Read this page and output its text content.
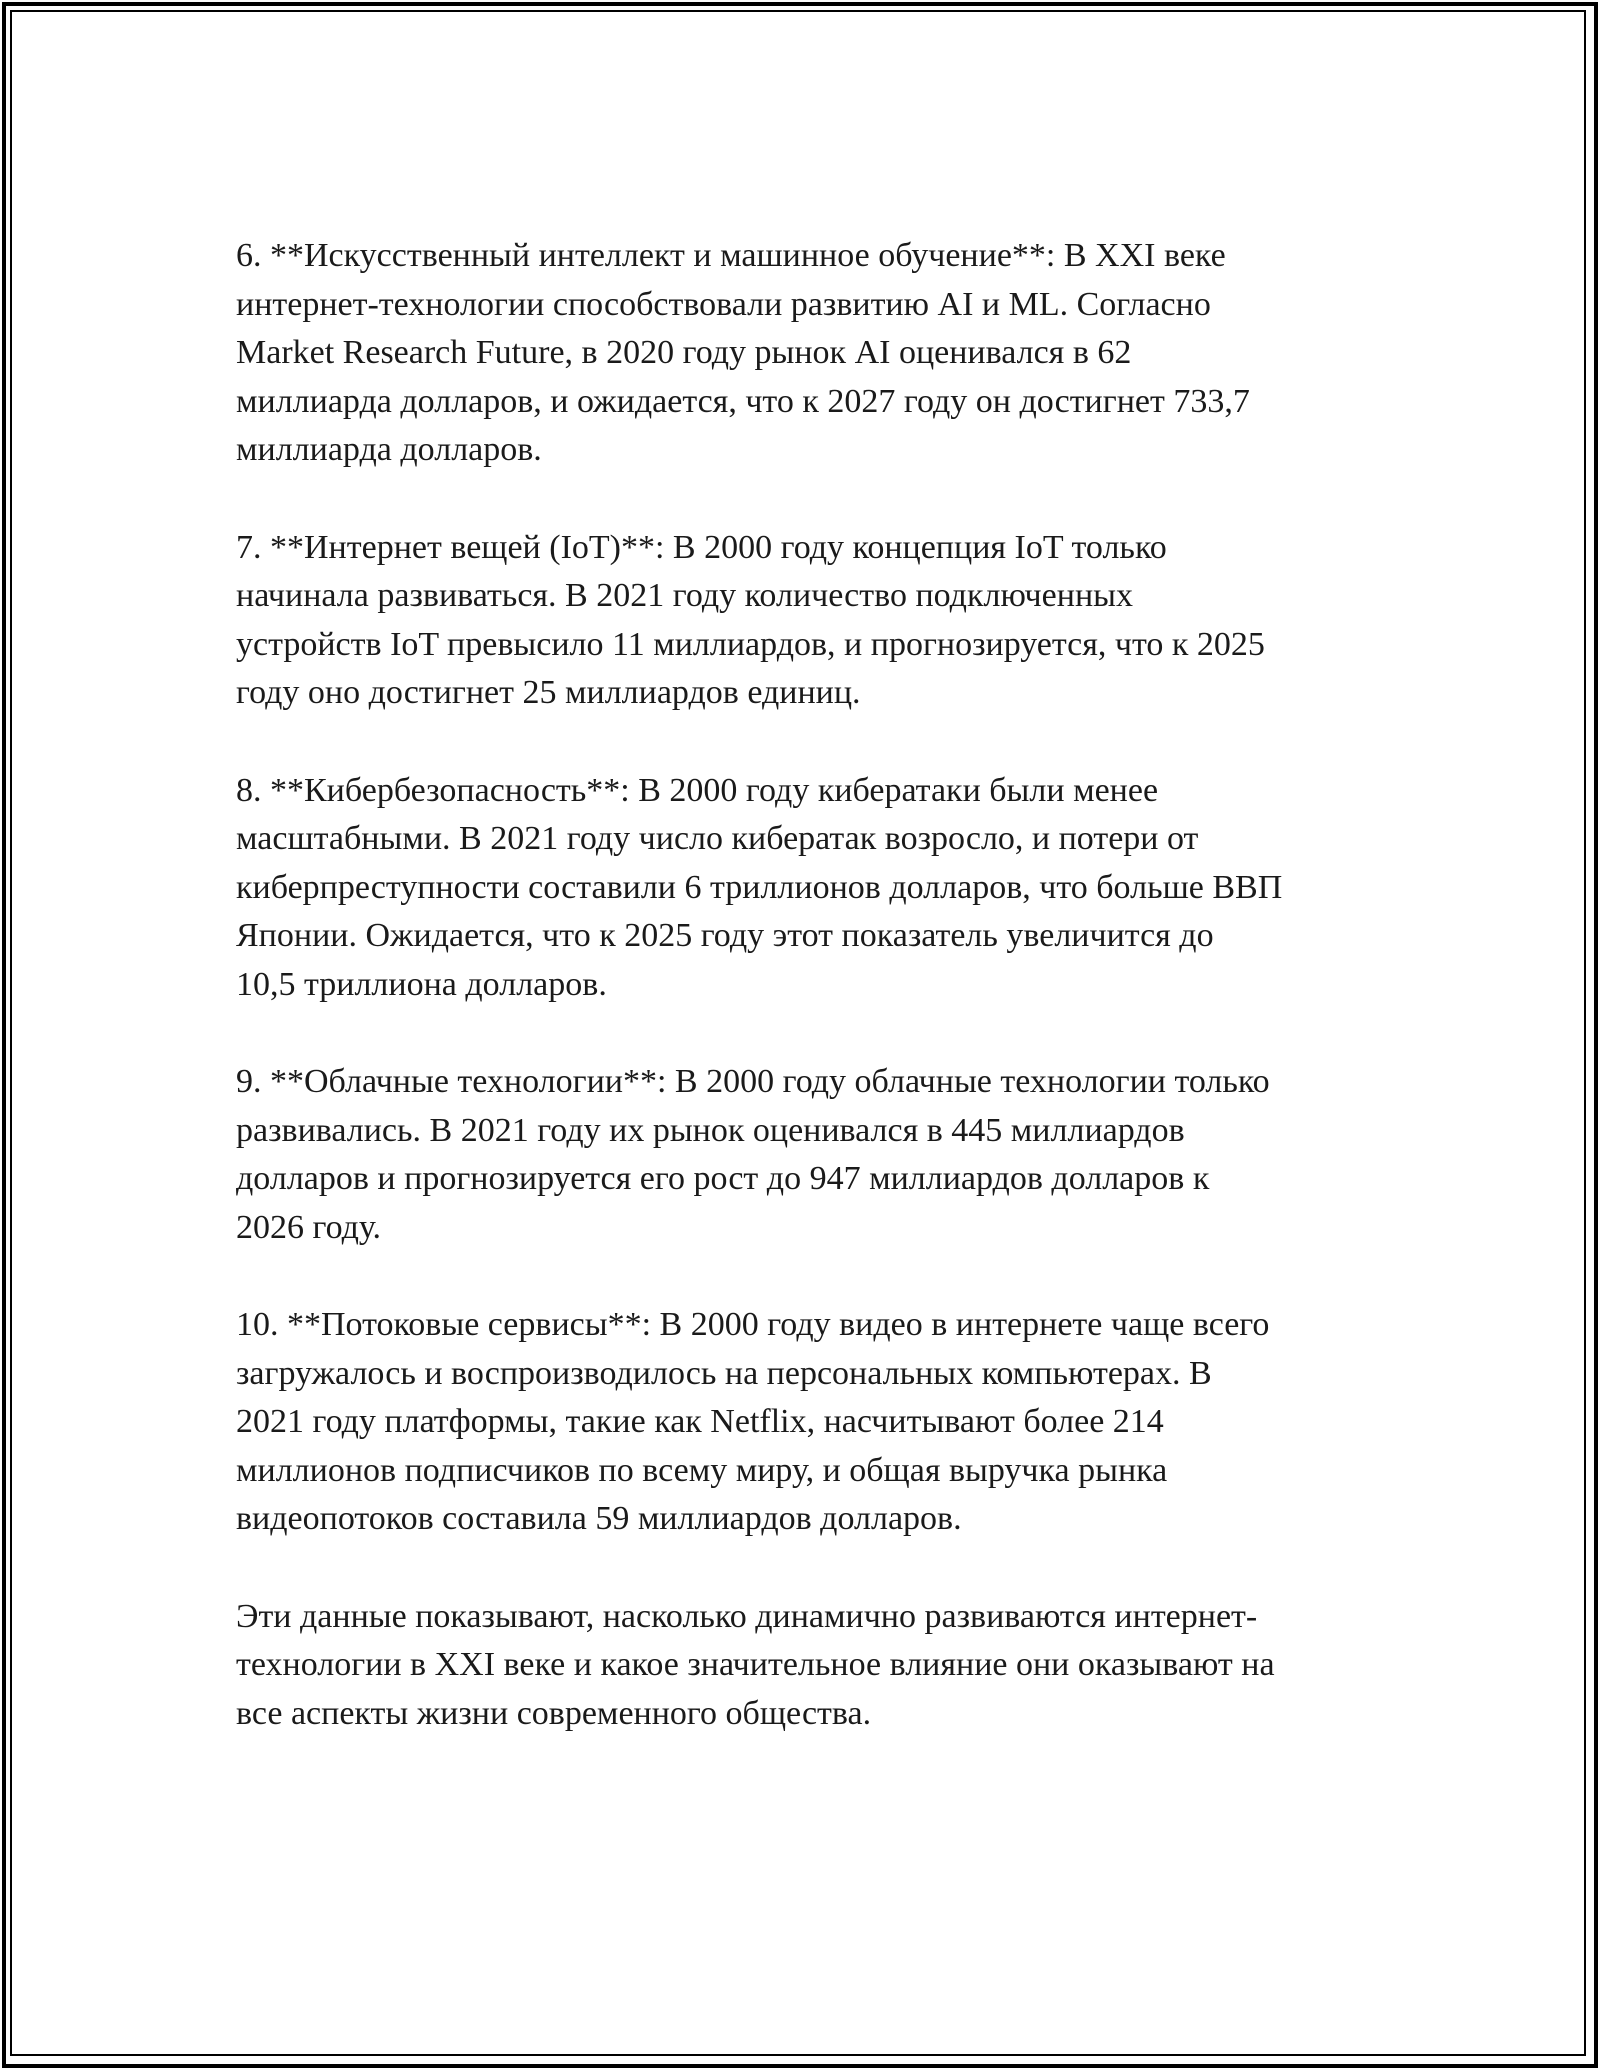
6. **Искусственный интеллект и машинное обучение**: В XXI веке
интернет-технологии способствовали развитию AI и ML. Согласно
Market Research Future, в 2020 году рынок AI оценивался в 62
миллиарда долларов, и ожидается, что к 2027 году он достигнет 733,7
миллиарда долларов.

7. **Интернет вещей (IoT)**: В 2000 году концепция IoT только
начинала развиваться. В 2021 году количество подключенных
устройств IoT превысило 11 миллиардов, и прогнозируется, что к 2025
году оно достигнет 25 миллиардов единиц.

8. **Кибербезопасность**: В 2000 году кибератаки были менее
масштабными. В 2021 году число кибератак возросло, и потери от
киберпреступности составили 6 триллионов долларов, что больше ВВП
Японии. Ожидается, что к 2025 году этот показатель увеличится до
10,5 триллиона долларов.

9. **Облачные технологии**: В 2000 году облачные технологии только
развивались. В 2021 году их рынок оценивался в 445 миллиардов
долларов и прогнозируется его рост до 947 миллиардов долларов к
2026 году.

10. **Потоковые сервисы**: В 2000 году видео в интернете чаще всего
загружалось и воспроизводилось на персональных компьютерах. В
2021 году платформы, такие как Netflix, насчитывают более 214
миллионов подписчиков по всему миру, и общая выручка рынка
видеопотоков составила 59 миллиардов долларов.

Эти данные показывают, насколько динамично развиваются интернет-
технологии в XXI веке и какое значительное влияние они оказывают на
все аспекты жизни современного общества.
